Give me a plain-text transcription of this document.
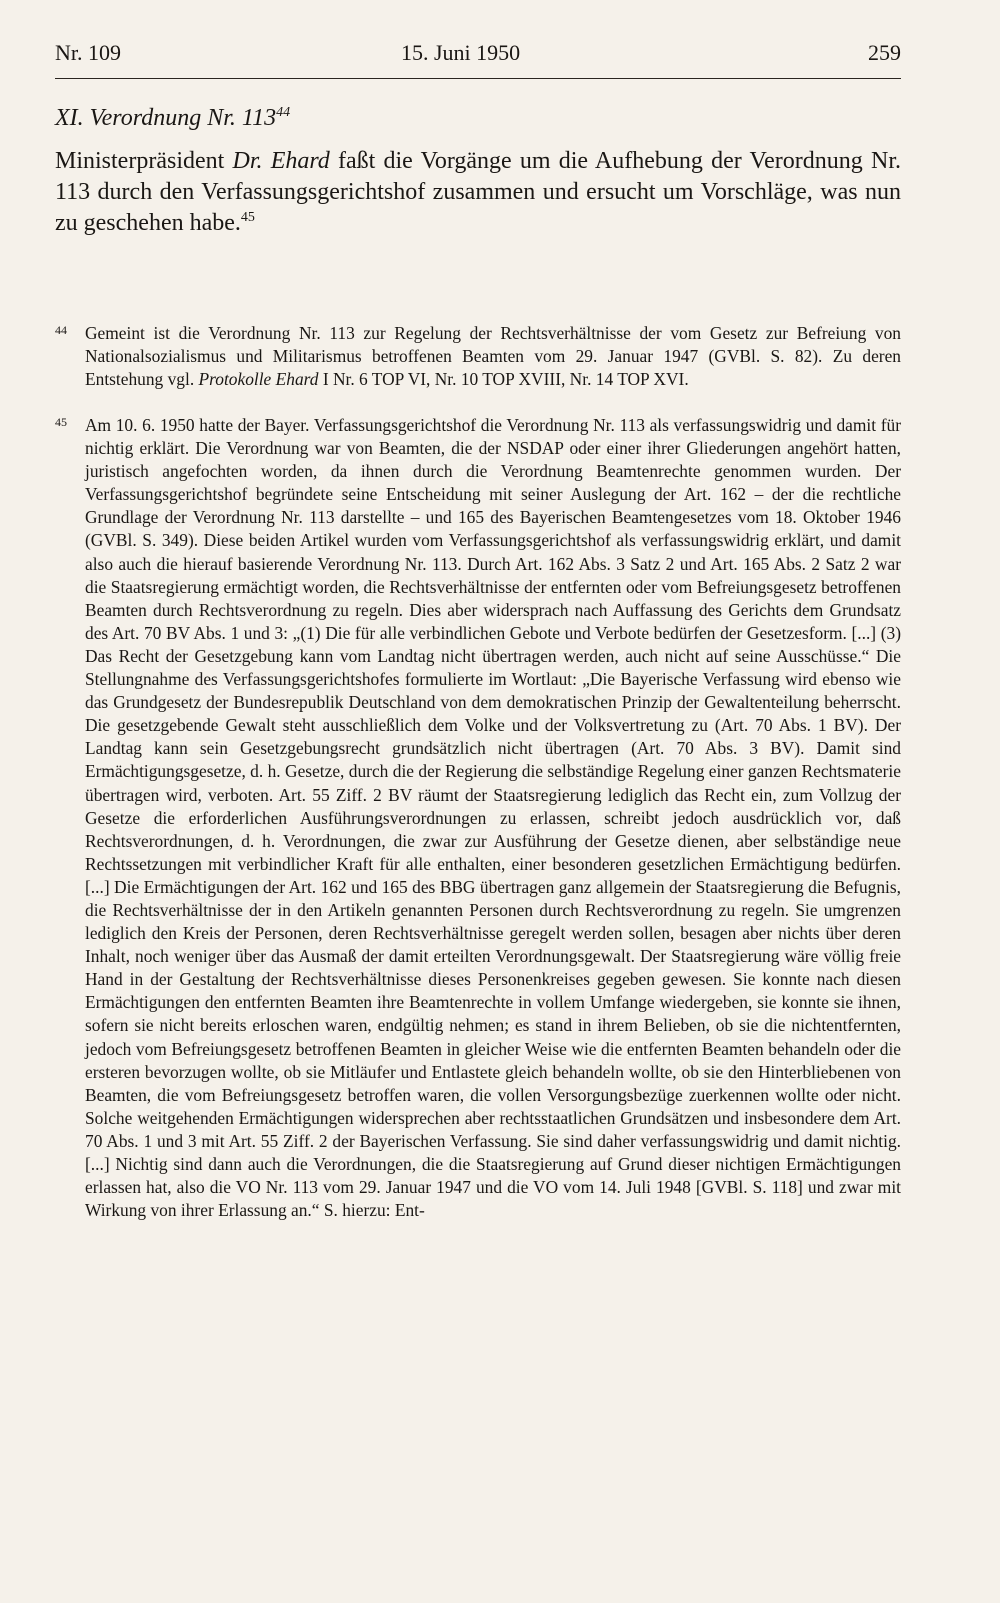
Nr. 109	15. Juni 1950	259
XI. Verordnung Nr. $113^{44}$

Ministerpräsident Dr. Ehard faßt die Vorgänge um die Aufhebung der Verordnung Nr. 113 durch den Verfassungsgerichtshof zusammen und ersucht um Vorschläge, was nun zu geschehen habe.$^{45}$

44	Gemeint ist die Verordnung Nr. 113 zur Regelung der Rechtsverhältnisse der vom Gesetz zur Befreiung von Nationalsozialismus und Militarismus betroffenen Beamten vom 29. Januar 1947 (GVBl. S. 82). Zu deren Entstehung vgl. Protokolle Ehard I Nr. 6 TOP VI, Nr. 10 TOP XVIII, Nr. 14 TOP XVI.
45	Am 10. 6. 1950 hatte der Bayer. Verfassungsgerichtshof die Verordnung Nr. 113 als verfassungswidrig und damit für nichtig erklärt. Die Verordnung war von Beamten, die der NSDAP oder einer ihrer Gliederungen angehört hatten, juristisch angefochten worden, da ihnen durch die Verordnung Beamtenrechte genommen wurden. Der Verfassungsgerichtshof begründete seine Entscheidung mit seiner Auslegung der Art. 162 – der die rechtliche Grundlage der Verordnung Nr. 113 darstellte – und 165 des Bayerischen Beamtengesetzes vom 18. Oktober 1946 (GVBl. S. 349). Diese beiden Artikel wurden vom Verfassungsgerichtshof als verfassungswidrig erklärt, und damit also auch die hierauf basierende Verordnung Nr. 113. Durch Art. 162 Abs. 3 Satz 2 und Art. 165 Abs. 2 Satz 2 war die Staatsregierung ermächtigt worden, die Rechtsverhältnisse der entfernten oder vom Befreiungsgesetz betroffenen Beamten durch Rechtsverordnung zu regeln. Dies aber widersprach nach Auffassung des Gerichts dem Grundsatz des Art. 70 BV Abs. 1 und 3: „(1) Die für alle verbindlichen Gebote und Verbote bedürfen der Gesetzesform. [...] (3) Das Recht der Gesetzgebung kann vom Landtag nicht übertragen werden, auch nicht auf seine Ausschüsse.“ Die Stellungnahme des Verfassungsgerichtshofes formulierte im Wortlaut: „Die Bayerische Verfassung wird ebenso wie das Grundgesetz der Bundesrepublik Deutschland von dem demokratischen Prinzip der Gewaltenteilung beherrscht. Die gesetzgebende Gewalt steht ausschließlich dem Volke und der Volksvertretung zu (Art. 70 Abs. 1 BV). Der Landtag kann sein Gesetzgebungsrecht grundsätzlich nicht übertragen (Art. 70 Abs. 3 BV). Damit sind Ermächtigungsgesetze, d. h. Gesetze, durch die der Regierung die selbständige Regelung einer ganzen Rechtsmaterie übertragen wird, verboten. Art. 55 Ziff. 2 BV räumt der Staatsregierung lediglich das Recht ein, zum Vollzug der Gesetze die erforderlichen Ausführungsverordnungen zu erlassen, schreibt jedoch ausdrücklich vor, daß Rechtsverordnungen, d. h. Verordnungen, die zwar zur Ausführung der Gesetze dienen, aber selbständige neue Rechtssetzungen mit verbindlicher Kraft für alle enthalten, einer besonderen gesetzlichen Ermächtigung bedürfen. [...] Die Ermächtigungen der Art. 162 und 165 des BBG übertragen ganz allgemein der Staatsregierung die Befugnis, die Rechtsverhältnisse der in den Artikeln genannten Personen durch Rechtsverordnung zu regeln. Sie umgrenzen lediglich den Kreis der Personen, deren Rechtsverhältnisse geregelt werden sollen, besagen aber nichts über deren Inhalt, noch weniger über das Ausmaß der damit erteilten Verordnungsgewalt. Der Staatsregierung wäre völlig freie Hand in der Gestaltung der Rechtsverhältnisse dieses Personenkreises gegeben gewesen. Sie konnte nach diesen Ermächtigungen den entfernten Beamten ihre Beamtenrechte in vollem Umfange wiedergeben, sie konnte sie ihnen, sofern sie nicht bereits erloschen waren, endgültig nehmen; es stand in ihrem Belieben, ob sie die nichtentfernten, jedoch vom Befreiungsgesetz betroffenen Beamten in gleicher Weise wie die entfernten Beamten behandeln oder die ersteren bevorzugen wollte, ob sie Mitläufer und Entlastete gleich behandeln wollte, ob sie den Hinterbliebenen von Beamten, die vom Befreiungsgesetz betroffen waren, die vollen Versorgungsbezüge zuerkennen wollte oder nicht. Solche weitgehenden Ermächtigungen widersprechen aber rechtsstaatlichen Grundsätzen und insbesondere dem Art. 70 Abs. 1 und 3 mit Art. 55 Ziff. 2 der Bayerischen Verfassung. Sie sind daher verfassungswidrig und damit nichtig. [...] Nichtig sind dann auch die Verordnungen, die die Staatsregierung auf Grund dieser nichtigen Ermächtigungen erlassen hat, also die VO Nr. 113 vom 29. Januar 1947 und die VO vom 14. Juli 1948 [GVBl. S. 118] und zwar mit Wirkung von ihrer Erlassung an.“ S. hierzu: Ent-
